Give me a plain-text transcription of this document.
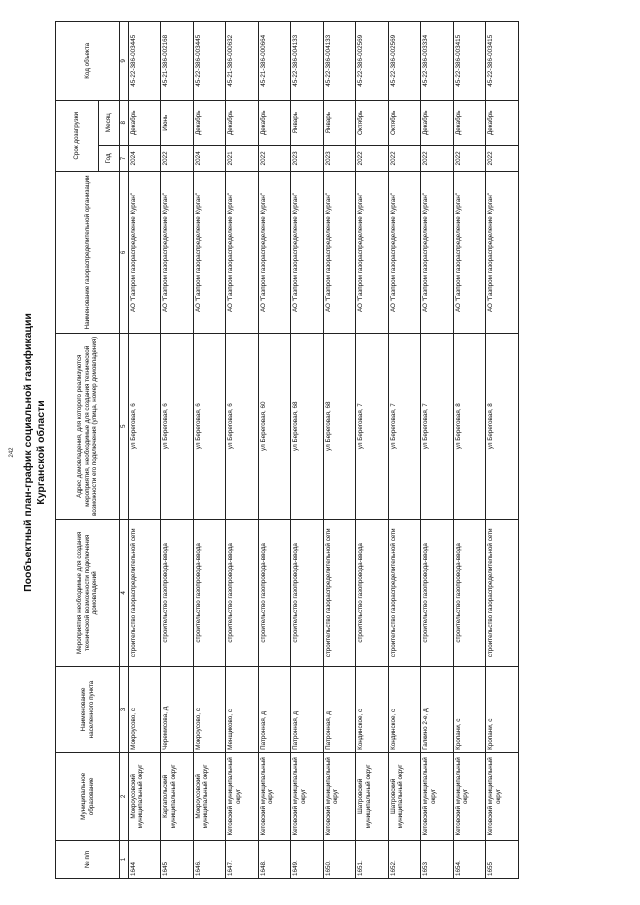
242 Пообъектный план-график социальной газификации Курганской области
№ п/п	Муниципальное образование	Наименование населенного пункта	Мероприятия необходимые для создания технической возможности подключения домовладений	Адрес домовладения, для которого реализуются мероприятия, необходимые для создания технической возможности его подключения (улица, номер домовладения)	Наименование газораспределительной организации	Срок дозагрузки		Код объекта
						Год	Месяц	
1	2	3	4	5	6	7	8	9
1644	Мокроусовский муниципальный округ	Мокроусово, с	строительство газораспределительной сети	ул Береговая, 6	АО "Газпром газораспределение Курган"	2024	Декабрь	45-22-386-003445
1645	Каргапольский муниципальный округ	Черемисова, д	строительство газопровода-ввода	ул Береговая, 6	АО "Газпром газораспределение Курган"	2022	Июнь	45-21-386-002168
1646.	Мокроусовский муниципальный округ	Мокроусово, с	строительство газопровода-ввода	ул Береговая, 6	АО "Газпром газораспределение Курган"	2024	Декабрь	45-22-386-003445
1647.	Кетовский муниципальный округ	Менщиково, с	строительство газопровода-ввода	ул Береговая, 6	АО "Газпром газораспределение Курган"	2021	Декабрь	45-21-386-000632
1648.	Кетовский муниципальный округ	Патронная, д	строительство газопровода-ввода	ул Береговая, 60	АО "Газпром газораспределение Курган"	2022	Декабрь	45-21-386-000664
1649.	Кетовский муниципальный округ	Патронная, д	строительство газопровода-ввода	ул Береговая, 68	АО "Газпром газораспределение Курган"	2023	Январь	45-22-386-004133
1650.	Кетовский муниципальный округ	Патронная, д	строительство газораспределительной сети	ул Береговая, 68	АО "Газпром газораспределение Курган"	2023	Январь	45-22-386-004133
1651.	Шатровский муниципальный округ	Кондинское, с	строительство газопровода-ввода	ул Береговая, 7	АО "Газпром газораспределение Курган"	2022	Октябрь	45-22-386-002569
1652.	Шатровский муниципальный округ	Кондинское, с	строительство газораспределительной сети	ул Береговая, 7	АО "Газпром газораспределение Курган"	2022	Октябрь	45-22-386-002569
1653	Кетовский муниципальный округ	Галкино 2-е, д	строительство газопровода-ввода	ул Береговая, 7	АО "Газпром газораспределение Курган"	2022	Декабрь	45-22-386-003334
1654.	Кетовский муниципальный округ	Кропани, с	строительство газопровода-ввода	ул Береговая, 8	АО "Газпром газораспределение Курган"	2022	Декабрь	45-22-386-003415
1655	Кетовский муниципальный округ	Кропани, с	строительство газораспределительной сети	ул Береговая, 8	АО "Газпром газораспределение Курган"	2022	Декабрь	45-22-386-003415
